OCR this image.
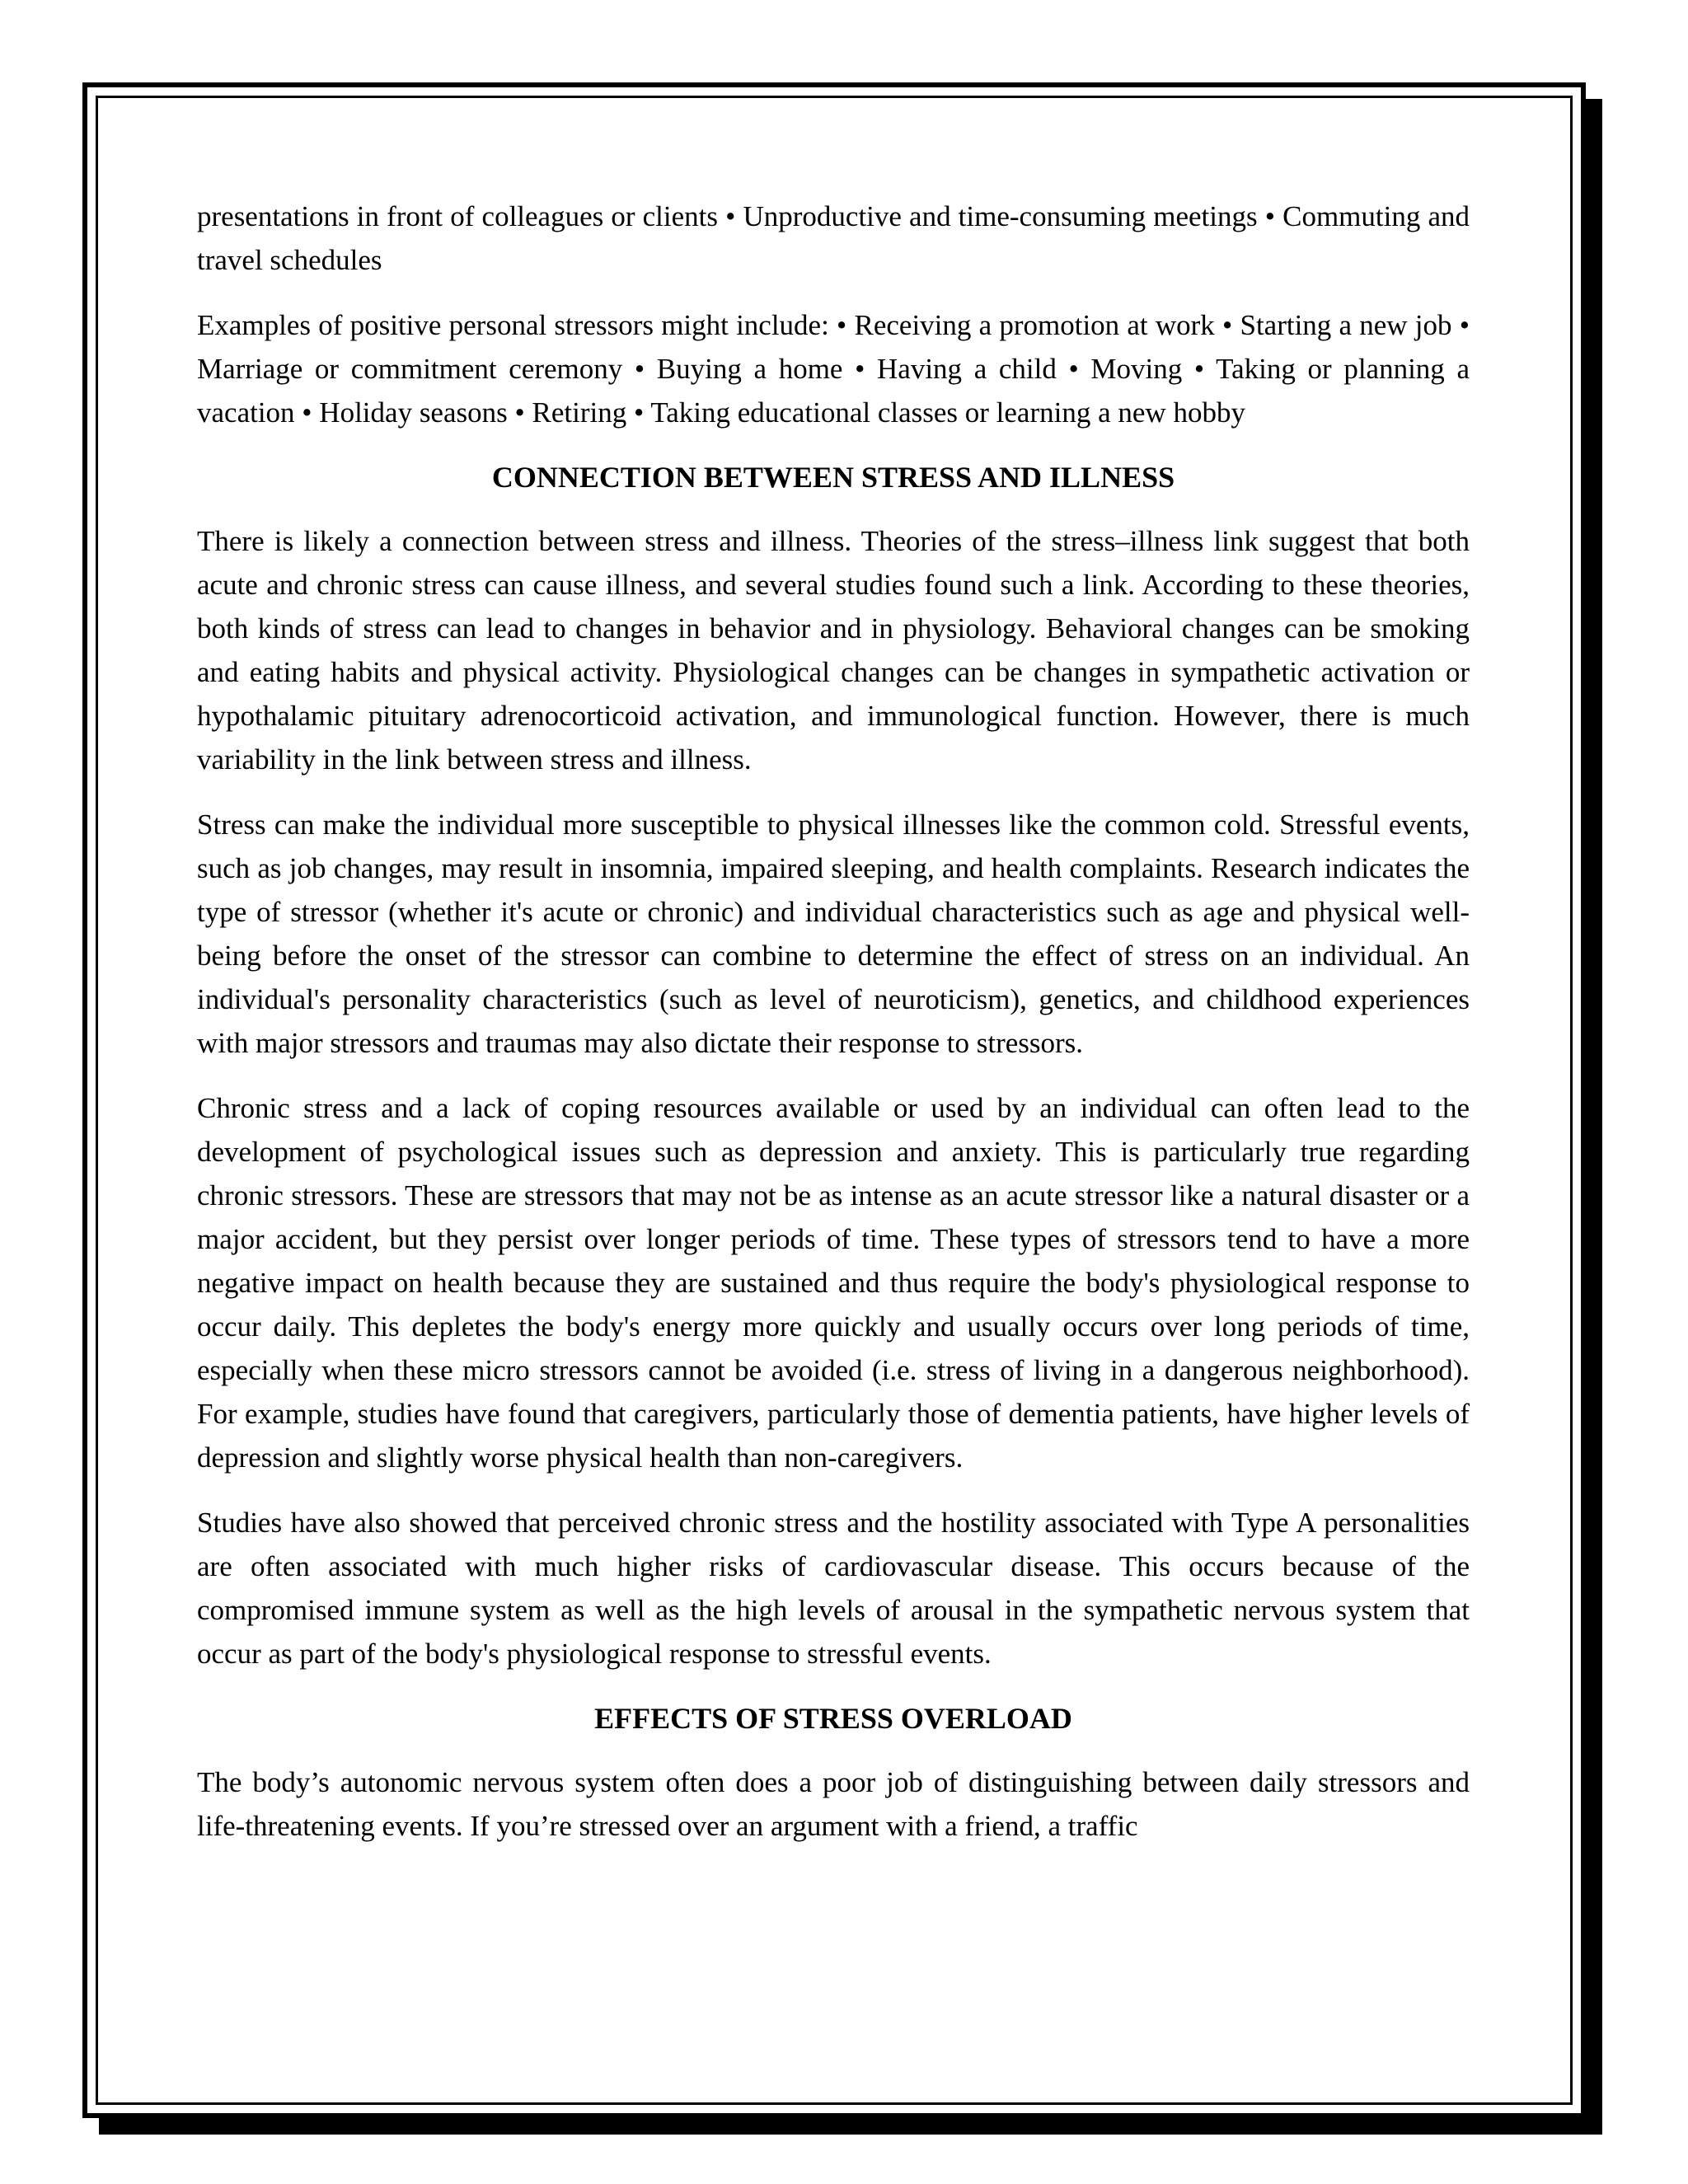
presentations in front of colleagues or clients • Unproductive and time-consuming meetings • Commuting and travel schedules

Examples of positive personal stressors might include: • Receiving a promotion at work • Starting a new job • Marriage or commitment ceremony • Buying a home • Having a child • Moving • Taking or planning a vacation • Holiday seasons • Retiring • Taking educational classes or learning a new hobby

CONNECTION BETWEEN STRESS AND ILLNESS

There is likely a connection between stress and illness. Theories of the stress–illness link suggest that both acute and chronic stress can cause illness, and several studies found such a link. According to these theories, both kinds of stress can lead to changes in behavior and in physiology. Behavioral changes can be smoking and eating habits and physical activity. Physiological changes can be changes in sympathetic activation or hypothalamic pituitary adrenocorticoid activation, and immunological function. However, there is much variability in the link between stress and illness.

Stress can make the individual more susceptible to physical illnesses like the common cold. Stressful events, such as job changes, may result in insomnia, impaired sleeping, and health complaints. Research indicates the type of stressor (whether it's acute or chronic) and individual characteristics such as age and physical well-being before the onset of the stressor can combine to determine the effect of stress on an individual. An individual's personality characteristics (such as level of neuroticism), genetics, and childhood experiences with major stressors and traumas may also dictate their response to stressors.

Chronic stress and a lack of coping resources available or used by an individual can often lead to the development of psychological issues such as depression and anxiety. This is particularly true regarding chronic stressors. These are stressors that may not be as intense as an acute stressor like a natural disaster or a major accident, but they persist over longer periods of time. These types of stressors tend to have a more negative impact on health because they are sustained and thus require the body's physiological response to occur daily. This depletes the body's energy more quickly and usually occurs over long periods of time, especially when these micro stressors cannot be avoided (i.e. stress of living in a dangerous neighborhood). For example, studies have found that caregivers, particularly those of dementia patients, have higher levels of depression and slightly worse physical health than non-caregivers.

Studies have also showed that perceived chronic stress and the hostility associated with Type A personalities are often associated with much higher risks of cardiovascular disease. This occurs because of the compromised immune system as well as the high levels of arousal in the sympathetic nervous system that occur as part of the body's physiological response to stressful events.

EFFECTS OF STRESS OVERLOAD

The body’s autonomic nervous system often does a poor job of distinguishing between daily stressors and life-threatening events. If you’re stressed over an argument with a friend, a traffic
